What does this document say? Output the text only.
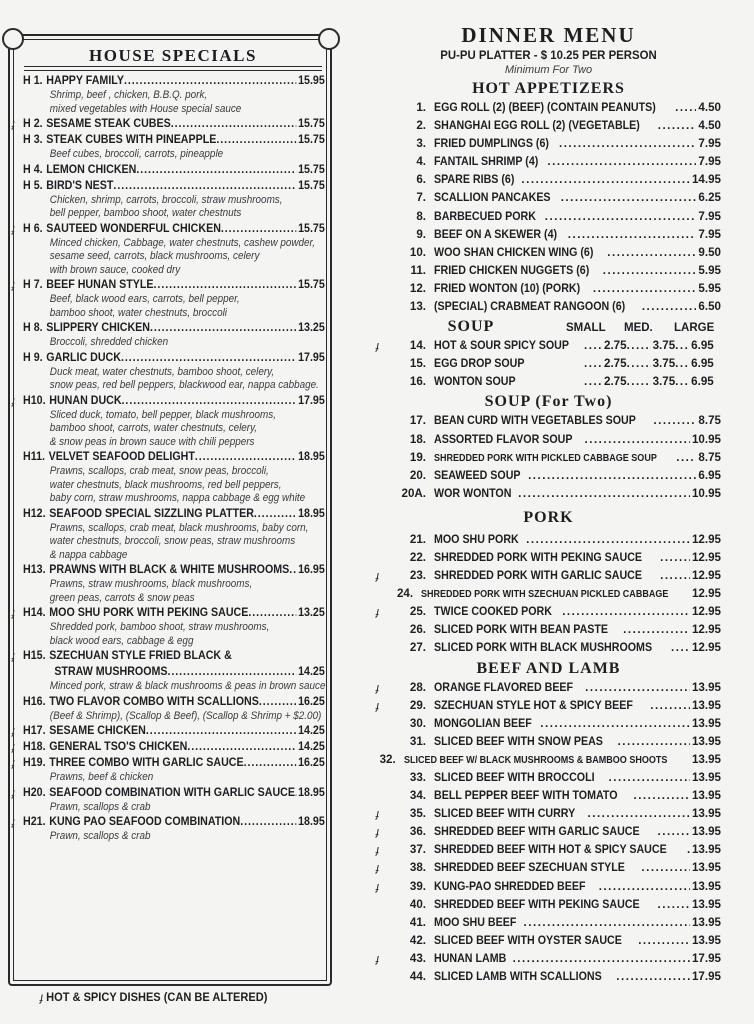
HOUSE SPECIALS
H 1. HAPPY FAMILY .....	15.95
Shrimp, beef , chicken, B.B.Q. pork,
mixed vegetables with House special sauce
ɟ H 2. SESAME STEAK CUBES .....	15.75
H 3. STEAK CUBES WITH PINEAPPLE .....	15.75
Beef cubes, broccoli, carrots, pineapple
H 4. LEMON CHICKEN .....	15.75
H 5. BIRD'S NEST .....	15.75
Chicken, shrimp, carrots, broccoli, straw mushrooms,
bell pepper, bamboo shoot, water chestnuts
ɟ H 6. SAUTEED WONDERFUL CHICKEN .....	15.75
Minced chicken, Cabbage, water chestnuts, cashew powder,
sesame seed, carrots, black mushrooms, celery
with brown sauce, cooked dry
ɟ H 7. BEEF HUNAN STYLE .....	15.75
Beef, black wood ears, carrots, bell pepper,
bamboo shoot, water chestnuts, broccoli
H 8. SLIPPERY CHICKEN .....	13.25
Broccoli, shredded chicken
H 9. GARLIC DUCK .....	17.95
Duck meat, water chestnuts, bamboo shoot, celery,
snow peas, red bell peppers, blackwood ear, nappa cabbage.
ɟ H10. HUNAN DUCK .....	17.95
Sliced duck, tomato, bell pepper, black mushrooms,
bamboo shoot, carrots, water chestnuts, celery,
& snow peas in brown sauce with chili peppers
H11. VELVET SEAFOOD DELIGHT .....	18.95
Prawns, scallops, crab meat, snow peas, broccoli,
water chestnuts, black mushrooms, red bell peppers,
baby corn, straw mushrooms, nappa cabbage & egg white
H12. SEAFOOD SPECIAL SIZZLING PLATTER .....	18.95
Prawns, scallops, crab meat, black mushrooms, baby corn,
water chestnuts, broccoli, snow peas, straw mushrooms
& nappa cabbage
H13. PRAWNS WITH BLACK & WHITE MUSHROOMS ..... 16.95
Prawns, straw mushrooms, black mushrooms,
green peas, carrots & snow peas
ɟ H14. MOO SHU PORK WITH PEKING SAUCE .....	13.25
Shredded pork, bamboo shoot, straw mushrooms,
black wood ears, cabbage & egg
ɟ H15. SZECHUAN STYLE FRIED BLACK &
STRAW MUSHROOMS .....	14.25
Minced pork, straw & black mushrooms & peas in brown sauce
H16. TWO FLAVOR COMBO WITH SCALLIONS .....	16.25
(Beef & Shrimp), (Scallop & Beef), (Scallop & Shrimp + $2.00)
ɟ H17. SESAME CHICKEN .....	14.25
ɟ H18. GENERAL TSO'S CHICKEN .....	14.25
ɟ H19. THREE COMBO WITH GARLIC SAUCE .....	16.25
Prawns, beef & chicken
ɟ H20. SEAFOOD COMBINATION WITH GARLIC SAUCE ..... 18.95
Prawn, scallops & crab
ɟ H21. KUNG PAO SEAFOOD COMBINATION .....	18.95
Prawn, scallops & crab
ɟ HOT & SPICY DISHES (CAN BE ALTERED)
DINNER MENU
PU-PU PLATTER - $ 10.25 PER PERSON
Minimum For Two
HOT APPETIZERS
1. EGG ROLL (2) (BEEF) (CONTAIN PEANUTS) .....	4.50
2. SHANGHAI EGG ROLL (2) (VEGETABLE) .....	4.50
3. FRIED DUMPLINGS (6) .....	7.95
4. FANTAIL SHRIMP (4) .....	7.95
6. SPARE RIBS (6) .....	14.95
7. SCALLION PANCAKES .....	6.25
8. BARBECUED PORK .....	7.95
9. BEEF ON A SKEWER (4) .....	7.95
10. WOO SHAN CHICKEN WING (6) .....	9.50
11. FRIED CHICKEN NUGGETS (6) .....	5.95
12. FRIED WONTON (10) (PORK) .....	5.95
13. (SPECIAL) CRABMEAT RANGOON (6) .....	6.50
SOUP	SMALL	MED.	LARGE
ɟ	14. HOT & SOUR SPICY SOUP .....	2.75 ..... 3.75 ..... 6.95
15. EGG DROP SOUP .....	2.75 ..... 3.75 ..... 6.95
16. WONTON SOUP .....	2.75 ..... 3.75 ..... 6.95
SOUP (For Two)
17. BEAN CURD WITH VEGETABLES SOUP .....	8.75
18. ASSORTED FLAVOR SOUP .....	10.95
19. SHREDDED PORK WITH PICKLED CABBAGE SOUP .....	8.75
20. SEAWEED SOUP .....	6.95
20A. WOR WONTON .....	10.95
PORK
21. MOO SHU PORK .....	12.95
22. SHREDDED PORK WITH PEKING SAUCE .....	12.95
ɟ	23. SHREDDED PORK WITH GARLIC SAUCE .....	12.95
24. SHREDDED PORK WITH SZECHUAN PICKLED CABBAGE 12.95
ɟ	25. TWICE COOKED PORK .....	12.95
26. SLICED PORK WITH BEAN PASTE .....	12.95
27. SLICED PORK WITH BLACK MUSHROOMS .....	12.95
BEEF AND LAMB
ɟ	28. ORANGE FLAVORED BEEF .....	13.95
ɟ	29. SZECHUAN STYLE HOT & SPICY BEEF .....	13.95
30. MONGOLIAN BEEF .....	13.95
31. SLICED BEEF WITH SNOW PEAS .....	13.95
32. SLICED BEEF W/ BLACK MUSHROOMS & BAMBOO SHOOTS 13.95
33. SLICED BEEF WITH BROCCOLI .....	13.95
34. BELL PEPPER BEEF WITH TOMATO .....	13.95
ɟ	35. SLICED BEEF WITH CURRY .....	13.95
ɟ	36. SHREDDED BEEF WITH GARLIC SAUCE .....	13.95
ɟ	37. SHREDDED BEEF WITH HOT & SPICY SAUCE ..... 13.95
ɟ	38. SHREDDED BEEF SZECHUAN STYLE .....	13.95
ɟ	39. KUNG-PAO SHREDDED BEEF .....	13.95
40. SHREDDED BEEF WITH PEKING SAUCE .....	13.95
41. MOO SHU BEEF .....	13.95
42. SLICED BEEF WITH OYSTER SAUCE .....	13.95
ɟ	43. HUNAN LAMB .....	17.95
44. SLICED LAMB WITH SCALLIONS .....	17.95
